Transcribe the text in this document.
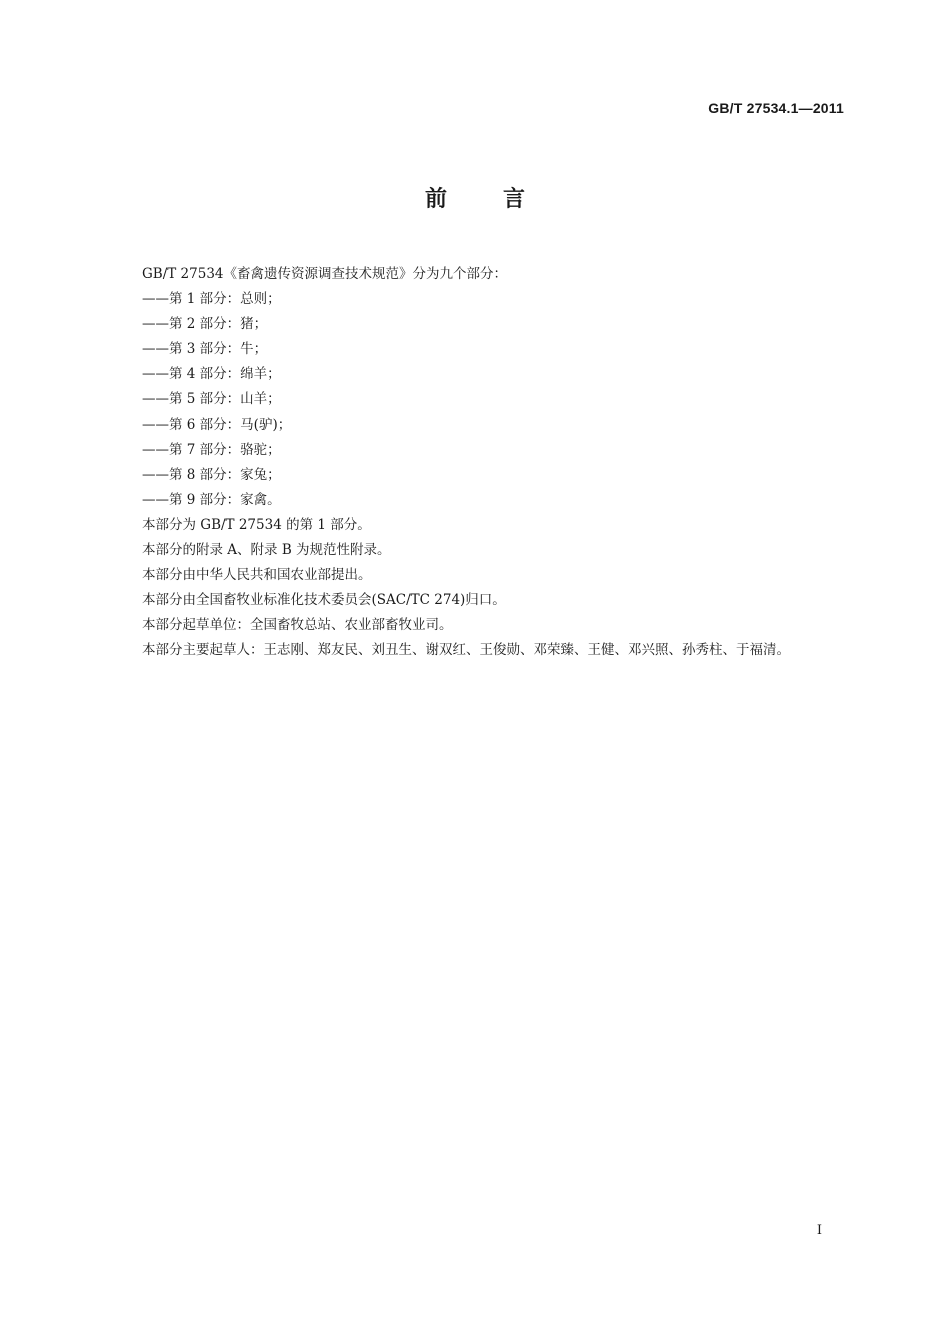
GB/T 27534.1—2011
前言

GB/T 27534《畜禽遗传资源调查技术规范》分为九个部分：

——第 1 部分：总则；
——第 2 部分：猪；
——第 3 部分：牛；
——第 4 部分：绵羊；
——第 5 部分：山羊；
——第 6 部分：马(驴)；
——第 7 部分：骆驼；
——第 8 部分：家兔；
——第 9 部分：家禽。

本部分为 GB/T 27534 的第 1 部分。

本部分的附录 A、附录 B 为规范性附录。

本部分由中华人民共和国农业部提出。

本部分由全国畜牧业标准化技术委员会(SAC/TC 274)归口。

本部分起草单位：全国畜牧总站、农业部畜牧业司。

本部分主要起草人：王志刚、郑友民、刘丑生、谢双红、王俊勋、邓荣臻、王健、邓兴照、孙秀柱、于福清。

I
